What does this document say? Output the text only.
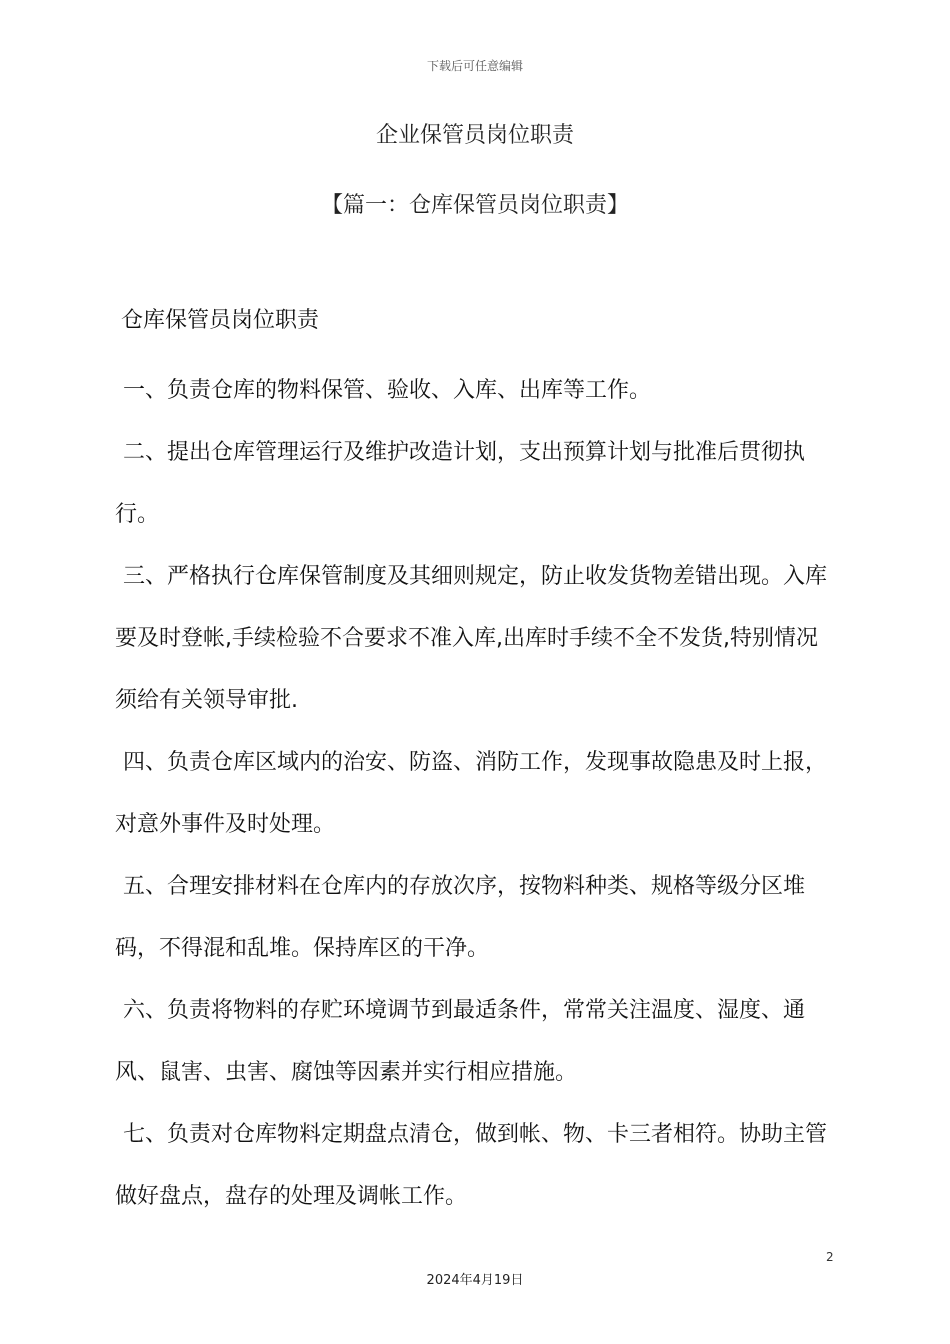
下载后可任意编辑
企业保管员岗位职责
【篇一：仓库保管员岗位职责】

仓库保管员岗位职责

一、负责仓库的物料保管、验收、入库、出库等工作。

二、提出仓库管理运行及维护改造计划，支出预算计划与批准后贯彻执行。

三、严格执行仓库保管制度及其细则规定，防止收发货物差错出现。入库要及时登帐,手续检验不合要求不准入库,出库时手续不全不发货,特别情况须给有关领导审批.

四、负责仓库区域内的治安、防盗、消防工作，发现事故隐患及时上报，对意外事件及时处理。

五、合理安排材料在仓库内的存放次序，按物料种类、规格等级分区堆码，不得混和乱堆。保持库区的干净。

六、负责将物料的存贮环境调节到最适条件，常常关注温度、湿度、通风、鼠害、虫害、腐蚀等因素并实行相应措施。

七、负责对仓库物料定期盘点清仓，做到帐、物、卡三者相符。协助主管做好盘点，盘存的处理及调帐工作。

2
2024年4月19日
